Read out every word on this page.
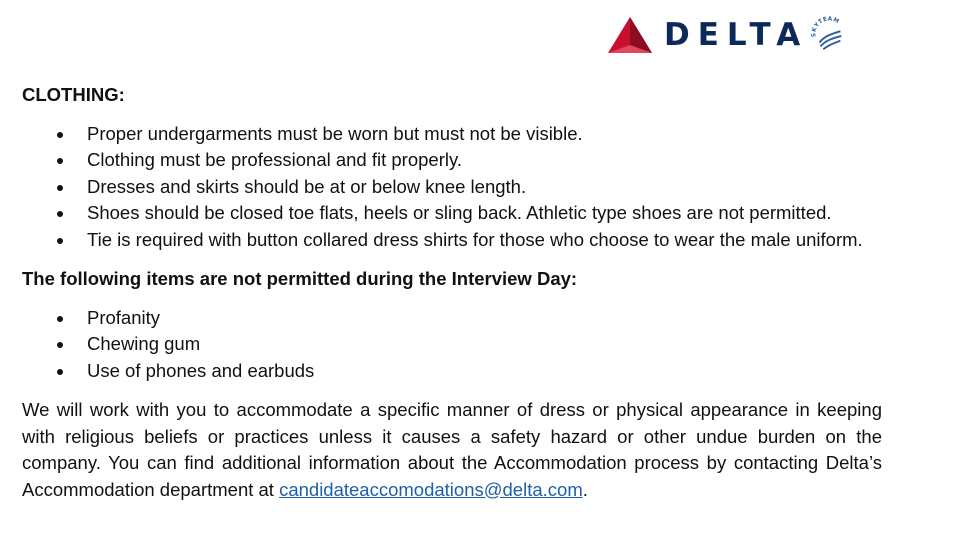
DELTA SKYTEAM
CLOTHING:
Proper undergarments must be worn but must not be visible.
Clothing must be professional and fit properly.
Dresses and skirts should be at or below knee length.
Shoes should be closed toe flats, heels or sling back. Athletic type shoes are not permitted.
Tie is required with button collared dress shirts for those who choose to wear the male uniform.
The following items are not permitted during the Interview Day:
Profanity
Chewing gum
Use of phones and earbuds

We will work with you to accommodate a specific manner of dress or physical appearance in keeping with religious beliefs or practices unless it causes a safety hazard or other undue burden on the company. You can find additional information about the Accommodation process by contacting Delta’s Accommodation department at candidateaccomodations@delta.com.
